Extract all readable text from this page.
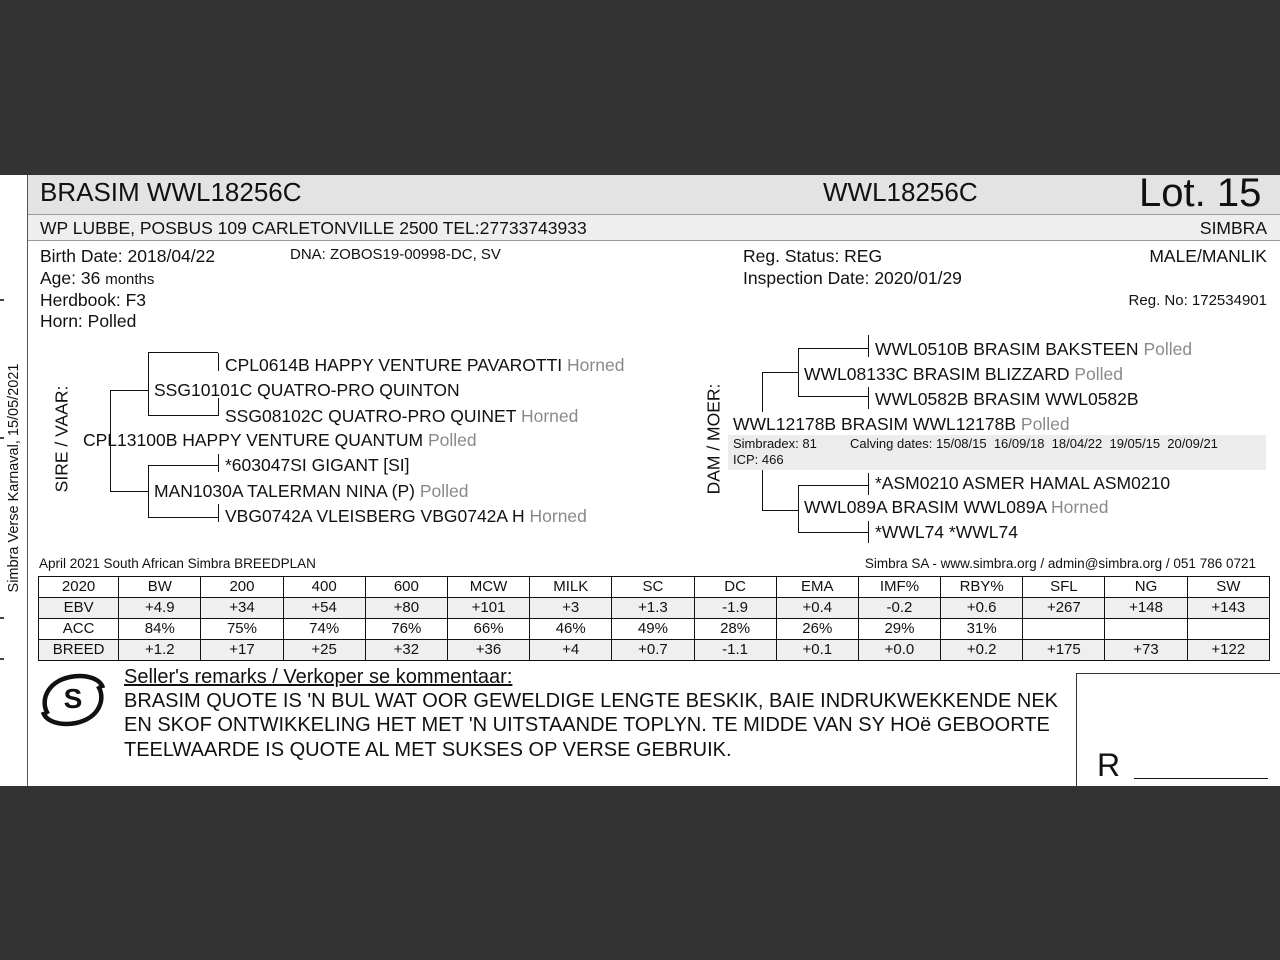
Simbra Verse Karnaval, 15/05/2021
BRASIM WWL18256C	WWL18256C	Lot. 15
WP LUBBE, POSBUS 109 CARLETONVILLE 2500 TEL:27733743933	SIMBRA
Birth Date: 2018/04/22	DNA: ZOBOS19-00998-DC, SV
Age: 36 months
Herdbook: F3
Horn: Polled
Reg. Status: REG
Inspection Date: 2020/01/29
MALE/MANLIK
Reg. No: 172534901
SIRE / VAAR:
CPL0614B HAPPY VENTURE PAVAROTTI Horned
SSG10101C QUATRO-PRO QUINTON
SSG08102C QUATRO-PRO QUINET Horned
CPL13100B HAPPY VENTURE QUANTUM Polled
*603047SI GIGANT [SI]
MAN1030A TALERMAN NINA (P) Polled
VBG0742A VLEISBERG VBG0742A H Horned
DAM / MOER:
WWL0510B BRASIM BAKSTEEN Polled
WWL08133C BRASIM BLIZZARD Polled
WWL0582B BRASIM WWL0582B
WWL12178B BRASIM WWL12178B Polled
Simbradex: 81	Calving dates: 15/08/15  16/09/18  18/04/22  19/05/15  20/09/21
ICP: 466
*ASM0210 ASMER HAMAL ASM0210
WWL089A BRASIM WWL089A Horned
*WWL74 *WWL74
April 2021 South African Simbra BREEDPLAN	Simbra SA - www.simbra.org / admin@simbra.org / 051 786 0721
2020	BW	200	400	600	MCW	MILK	SC	DC	EMA	IMF%	RBY%	SFL	NG	SW
EBV	+4.9	+34	+54	+80	+101	+3	+1.3	-1.9	+0.4	-0.2	+0.6	+267	+148	+143
ACC	84%	75%	74%	76%	66%	46%	49%	28%	26%	29%	31%			
BREED	+1.2	+17	+25	+32	+36	+4	+0.7	-1.1	+0.1	+0.0	+0.2	+175	+73	+122
S
Seller's remarks / Verkoper se kommentaar:
BRASIM QUOTE IS 'N BUL WAT OOR GEWELDIGE LENGTE BESKIK, BAIE INDRUKWEKKENDE NEK EN SKOF ONTWIKKELING HET MET 'N UITSTAANDE TOPLYN. TE MIDDE VAN SY HOë GEBOORTE TEELWAARDE IS QUOTE AL MET SUKSES OP VERSE GEBRUIK.	R
